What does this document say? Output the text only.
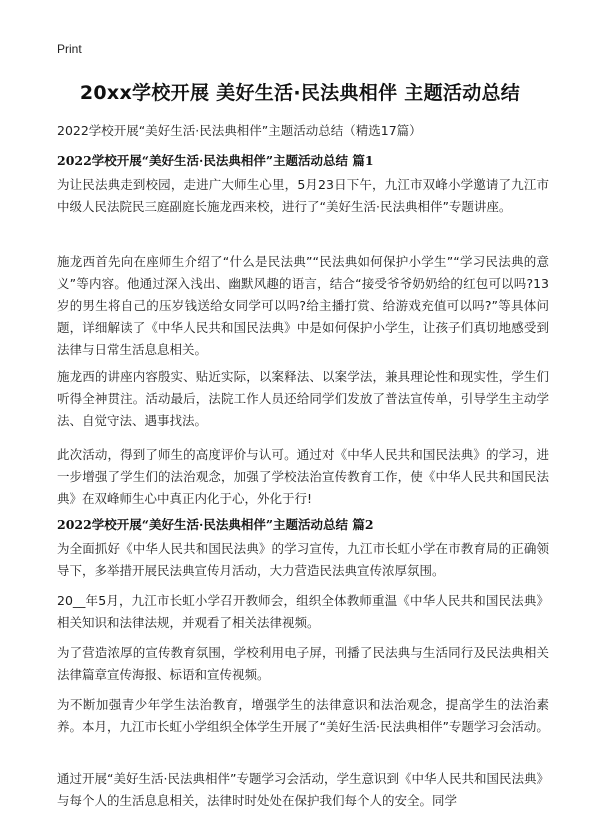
Print
20xx学校开展 美好生活·民法典相伴 主题活动总结

2022学校开展“美好生活·民法典相伴”主题活动总结（精选17篇）

2022学校开展“美好生活·民法典相伴”主题活动总结 篇1

为让民法典走到校园，走进广大师生心里，5月23日下午，九江市双峰小学邀请了九江市中级人民法院民三庭副庭长施龙西来校，进行了“美好生活·民法典相伴”专题讲座。

施龙西首先向在座师生介绍了“什么是民法典”“民法典如何保护小学生”“学习民法典的意义”等内容。他通过深入浅出、幽默风趣的语言，结合“接受爷爷奶奶给的红包可以吗?13岁的男生将自己的压岁钱送给女同学可以吗?给主播打赏、给游戏充值可以吗?”等具体问题，详细解读了《中华人民共和国民法典》中是如何保护小学生，让孩子们真切地感受到法律与日常生活息息相关。

施龙西的讲座内容殷实、贴近实际，以案释法、以案学法，兼具理论性和现实性，学生们听得全神贯注。活动最后，法院工作人员还给同学们发放了普法宣传单，引导学生主动学法、自觉守法、遇事找法。

此次活动，得到了师生的高度评价与认可。通过对《中华人民共和国民法典》的学习，进一步增强了学生们的法治观念，加强了学校法治宣传教育工作，使《中华人民共和国民法典》在双峰师生心中真正内化于心，外化于行!

2022学校开展“美好生活·民法典相伴”主题活动总结 篇2

为全面抓好《中华人民共和国民法典》的学习宣传，九江市长虹小学在市教育局的正确领导下，多举措开展民法典宣传月活动，大力营造民法典宣传浓厚氛围。

20__年5月，九江市长虹小学召开教师会，组织全体教师重温《中华人民共和国民法典》相关知识和法律法规，并观看了相关法律视频。

为了营造浓厚的宣传教育氛围，学校利用电子屏，刊播了民法典与生活同行及民法典相关法律篇章宣传海报、标语和宣传视频。

为不断加强青少年学生法治教育，增强学生的法律意识和法治观念，提高学生的法治素养。本月，九江市长虹小学组织全体学生开展了“美好生活·民法典相伴”专题学习会活动。

通过开展“美好生活·民法典相伴”专题学习会活动，学生意识到《中华人民共和国民法典》与每个人的生活息息相关，法律时时处处在保护我们每个人的安全。同学
